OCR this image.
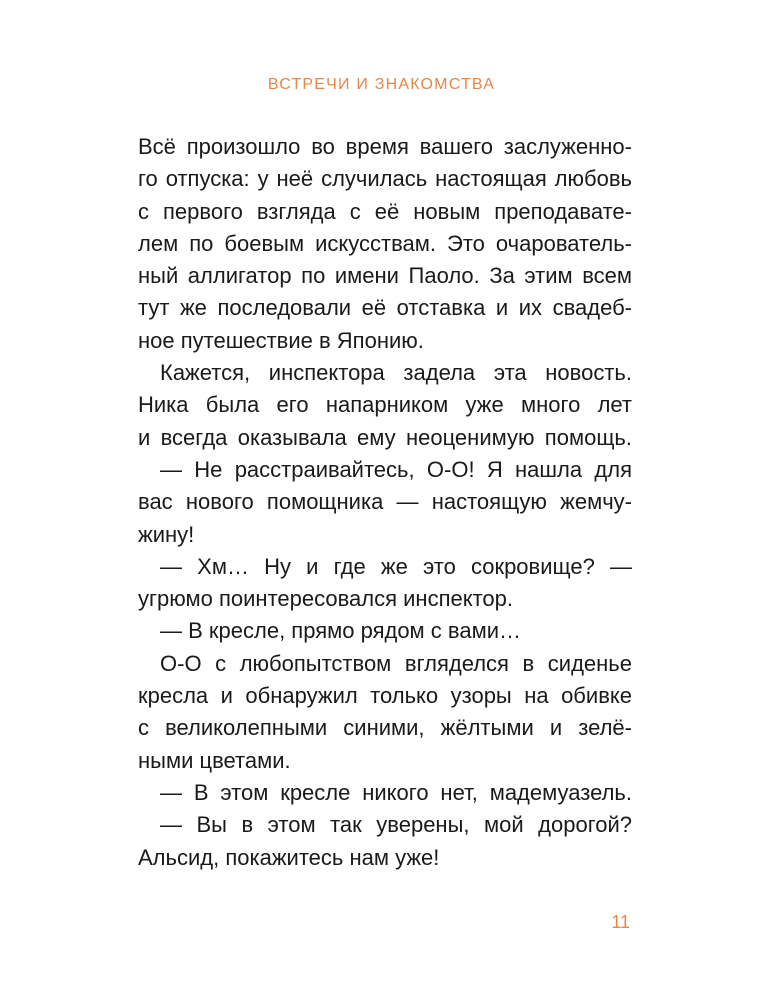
ВСТРЕЧИ И ЗНАКОМСТВА
Всё произошло во время вашего заслуженно-
го отпуска: у неё случилась настоящая любовь
с первого взгляда с её новым преподавате-
лем по боевым искусствам. Это очарователь-
ный аллигатор по имени Паоло. За этим всем
тут же последовали её отставка и их свадеб-
ное путешествие в Японию.
Кажется, инспектора задела эта новость.
Ника была его напарником уже много лет
и всегда оказывала ему неоценимую помощь.
— Не расстраивайтесь, О-О! Я нашла для
вас нового помощника — настоящую жемчу-
жину!
— Хм… Ну и где же это сокровище? —
угрюмо поинтересовался инспектор.
— В кресле, прямо рядом с вами…
О-О с любопытством вгляделся в сиденье
кресла и обнаружил только узоры на обивке
с великолепными синими, жёлтыми и зелё-
ными цветами.
— В этом кресле никого нет, мадемуазель.
— Вы в этом так уверены, мой дорогой?
Альсид, покажитесь нам уже!
11
